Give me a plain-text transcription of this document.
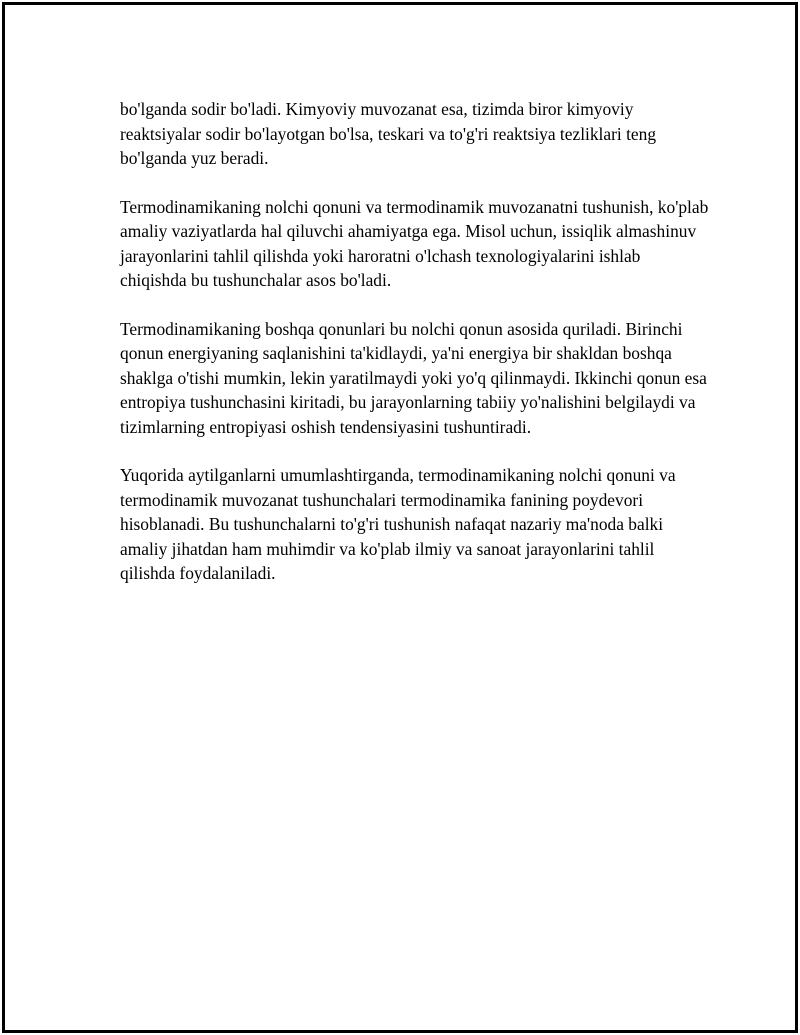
bo'lganda sodir bo'ladi. Kimyoviy muvozanat esa, tizimda biror kimyoviy reaktsiyalar sodir bo'layotgan bo'lsa, teskari va to'g'ri reaktsiya tezliklari teng bo'lganda yuz beradi.

Termodinamikaning nolchi qonuni va termodinamik muvozanatni tushunish, ko'plab amaliy vaziyatlarda hal qiluvchi ahamiyatga ega. Misol uchun, issiqlik almashinuv jarayonlarini tahlil qilishda yoki haroratni o'lchash texnologiyalarini ishlab chiqishda bu tushunchalar asos bo'ladi.

Termodinamikaning boshqa qonunlari bu nolchi qonun asosida quriladi. Birinchi qonun energiyaning saqlanishini ta'kidlaydi, ya'ni energiya bir shakldan boshqa shaklga o'tishi mumkin, lekin yaratilmaydi yoki yo'q qilinmaydi. Ikkinchi qonun esa entropiya tushunchasini kiritadi, bu jarayonlarning tabiiy yo'nalishini belgilaydi va tizimlarning entropiyasi oshish tendensiyasini tushuntiradi.

Yuqorida aytilganlarni umumlashtirganda, termodinamikaning nolchi qonuni va termodinamik muvozanat tushunchalari termodinamika fanining poydevori hisoblanadi. Bu tushunchalarni to'g'ri tushunish nafaqat nazariy ma'noda balki amaliy jihatdan ham muhimdir va ko'plab ilmiy va sanoat jarayonlarini tahlil qilishda foydalaniladi.
